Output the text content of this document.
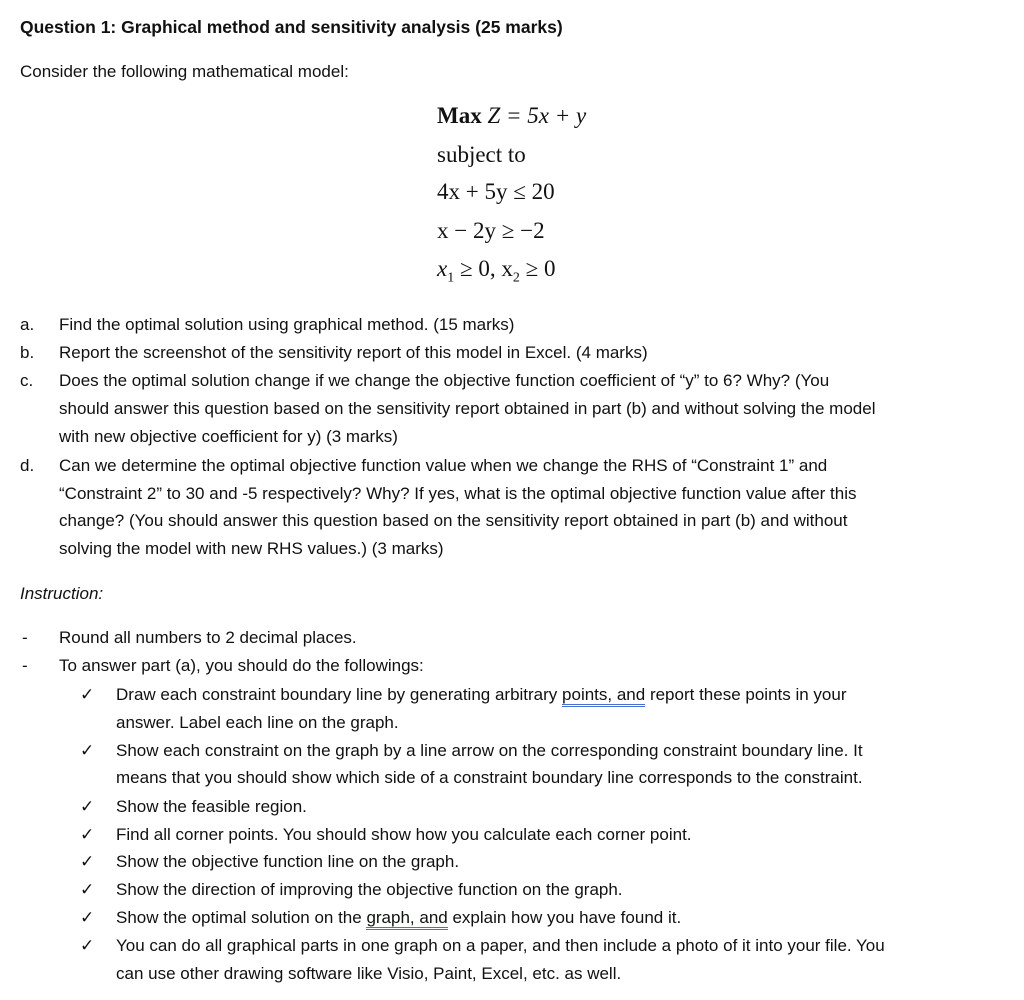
Question 1: Graphical method and sensitivity analysis (25 marks)
Consider the following mathematical model:
Max Z = 5x + y
subject to
4x + 5y ≤ 20
x − 2y ≥ −2
$x_1 \ge 0$, $x_2 \ge 0$
a. Find the optimal solution using graphical method. (15 marks)
b. Report the screenshot of the sensitivity report of this model in Excel. (4 marks)
c. Does the optimal solution change if we change the objective function coefficient of “y” to 6? Why? (You
should answer this question based on the sensitivity report obtained in part (b) and without solving the model
with new objective coefficient for y) (3 marks)
d. Can we determine the optimal objective function value when we change the RHS of “Constraint 1” and
“Constraint 2” to 30 and -5 respectively? Why? If yes, what is the optimal objective function value after this
change? (You should answer this question based on the sensitivity report obtained in part (b) and without
solving the model with new RHS values.) (3 marks)
Instruction:
- Round all numbers to 2 decimal places.
- To answer part (a), you should do the followings:
✓ Draw each constraint boundary line by generating arbitrary points, and report these points in your
answer. Label each line on the graph.
✓ Show each constraint on the graph by a line arrow on the corresponding constraint boundary line. It
means that you should show which side of a constraint boundary line corresponds to the constraint.
✓ Show the feasible region.
✓ Find all corner points. You should show how you calculate each corner point.
✓ Show the objective function line on the graph.
✓ Show the direction of improving the objective function on the graph.
✓ Show the optimal solution on the graph, and explain how you have found it.
✓ You can do all graphical parts in one graph on a paper, and then include a photo of it into your file. You
can use other drawing software like Visio, Paint, Excel, etc. as well.
